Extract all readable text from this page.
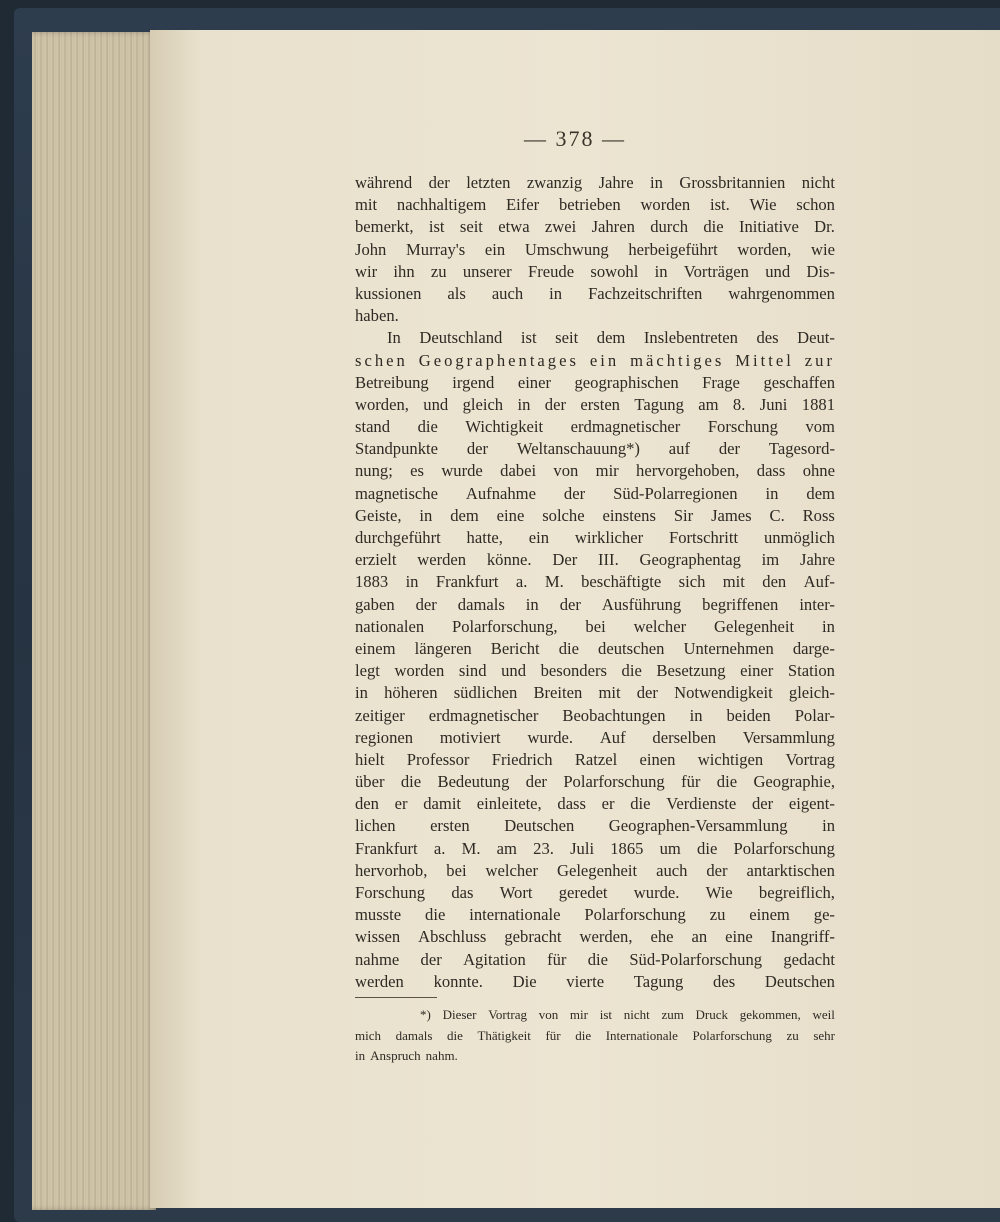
— 378 —
während der letzten zwanzig Jahre in Grossbritannien nicht
mit nachhaltigem Eifer betrieben worden ist. Wie schon
bemerkt, ist seit etwa zwei Jahren durch die Initiative Dr.
John Murray's ein Umschwung herbeigeführt worden, wie
wir ihn zu unserer Freude sowohl in Vorträgen und Dis-
kussionen als auch in Fachzeitschriften wahrgenommen
haben.
In Deutschland ist seit dem Inslebentreten des Deut-
schen Geographentages ein mächtiges Mittel zur
Betreibung irgend einer geographischen Frage geschaffen
worden, und gleich in der ersten Tagung am 8. Juni 1881
stand die Wichtigkeit erdmagnetischer Forschung vom
Standpunkte der Weltanschauung*) auf der Tagesord-
nung; es wurde dabei von mir hervorgehoben, dass ohne
magnetische Aufnahme der Süd-Polarregionen in dem
Geiste, in dem eine solche einstens Sir James C. Ross
durchgeführt hatte, ein wirklicher Fortschritt unmöglich
erzielt werden könne. Der III. Geographentag im Jahre
1883 in Frankfurt a. M. beschäftigte sich mit den Auf-
gaben der damals in der Ausführung begriffenen inter-
nationalen Polarforschung, bei welcher Gelegenheit in
einem längeren Bericht die deutschen Unternehmen darge-
legt worden sind und besonders die Besetzung einer Station
in höheren südlichen Breiten mit der Notwendigkeit gleich-
zeitiger erdmagnetischer Beobachtungen in beiden Polar-
regionen motiviert wurde. Auf derselben Versammlung
hielt Professor Friedrich Ratzel einen wichtigen Vortrag
über die Bedeutung der Polarforschung für die Geographie,
den er damit einleitete, dass er die Verdienste der eigent-
lichen ersten Deutschen Geographen-Versammlung in
Frankfurt a. M. am 23. Juli 1865 um die Polarforschung
hervorhob, bei welcher Gelegenheit auch der antarktischen
Forschung das Wort geredet wurde. Wie begreiflich,
musste die internationale Polarforschung zu einem ge-
wissen Abschluss gebracht werden, ehe an eine Inangriff-
nahme der Agitation für die Süd-Polarforschung gedacht
werden konnte. Die vierte Tagung des Deutschen
*) Dieser Vortrag von mir ist nicht zum Druck gekommen, weil
mich damals die Thätigkeit für die Internationale Polarforschung zu sehr
in Anspruch nahm.
